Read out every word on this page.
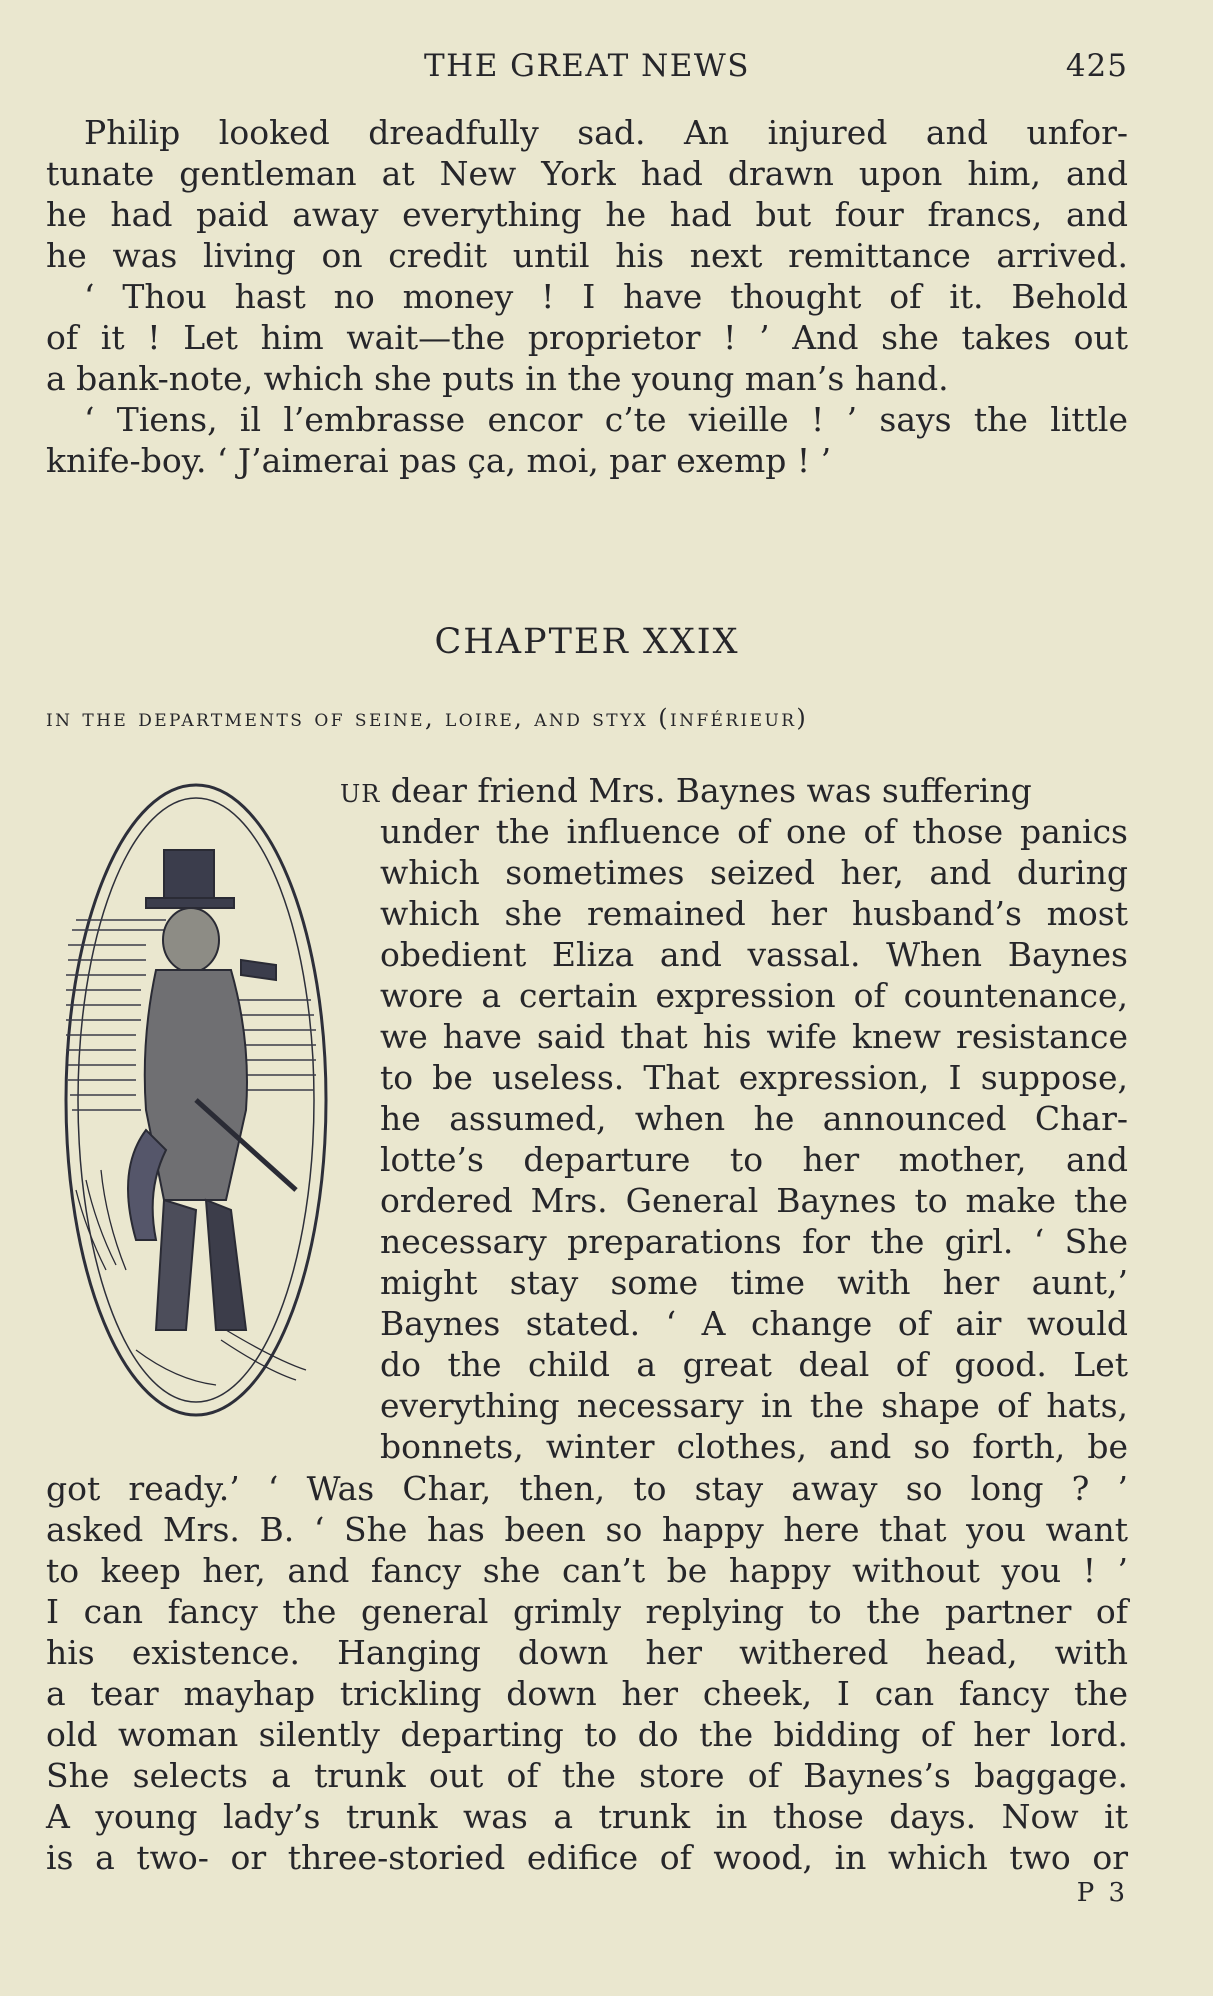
THE GREAT NEWS	425
Philip looked dreadfully sad. An injured and unfor-
tunate gentleman at New York had drawn upon him, and
he had paid away everything he had but four francs, and
he was living on credit until his next remittance arrived.
‘ Thou hast no money ! I have thought of it. Behold
of it ! Let him wait—the proprietor ! ’ And she takes out
a bank-note, which she puts in the young man’s hand.
‘ Tiens, il l’embrasse encor c’te vieille ! ’ says the little
knife-boy. ‘ J’aimerai pas ça, moi, par exemp ! ’
CHAPTER XXIX
in the departments of seine, loire, and styx (inférieur)
UR dear friend Mrs. Baynes was suffering
under the influence of one of those panics
which sometimes seized her, and during
which she remained her husband’s most
obedient Eliza and vassal. When Baynes
wore a certain expression of countenance,
we have said that his wife knew resistance
to be useless. That expression, I suppose,
he assumed, when he announced Char-
lotte’s departure to her mother, and
ordered Mrs. General Baynes to make the
necessary preparations for the girl. ‘ She
might stay some time with her aunt,’
Baynes stated. ‘ A change of air would
do the child a great deal of good. Let
everything necessary in the shape of hats,
bonnets, winter clothes, and so forth, be
got ready.’ ‘ Was Char, then, to stay away so long ? ’
asked Mrs. B. ‘ She has been so happy here that you want
to keep her, and fancy she can’t be happy without you ! ’
I can fancy the general grimly replying to the partner of
his existence. Hanging down her withered head, with
a tear mayhap trickling down her cheek, I can fancy the
old woman silently departing to do the bidding of her lord.
She selects a trunk out of the store of Baynes’s baggage.
A young lady’s trunk was a trunk in those days. Now it
is a two- or three-storied edifice of wood, in which two or
P 3
